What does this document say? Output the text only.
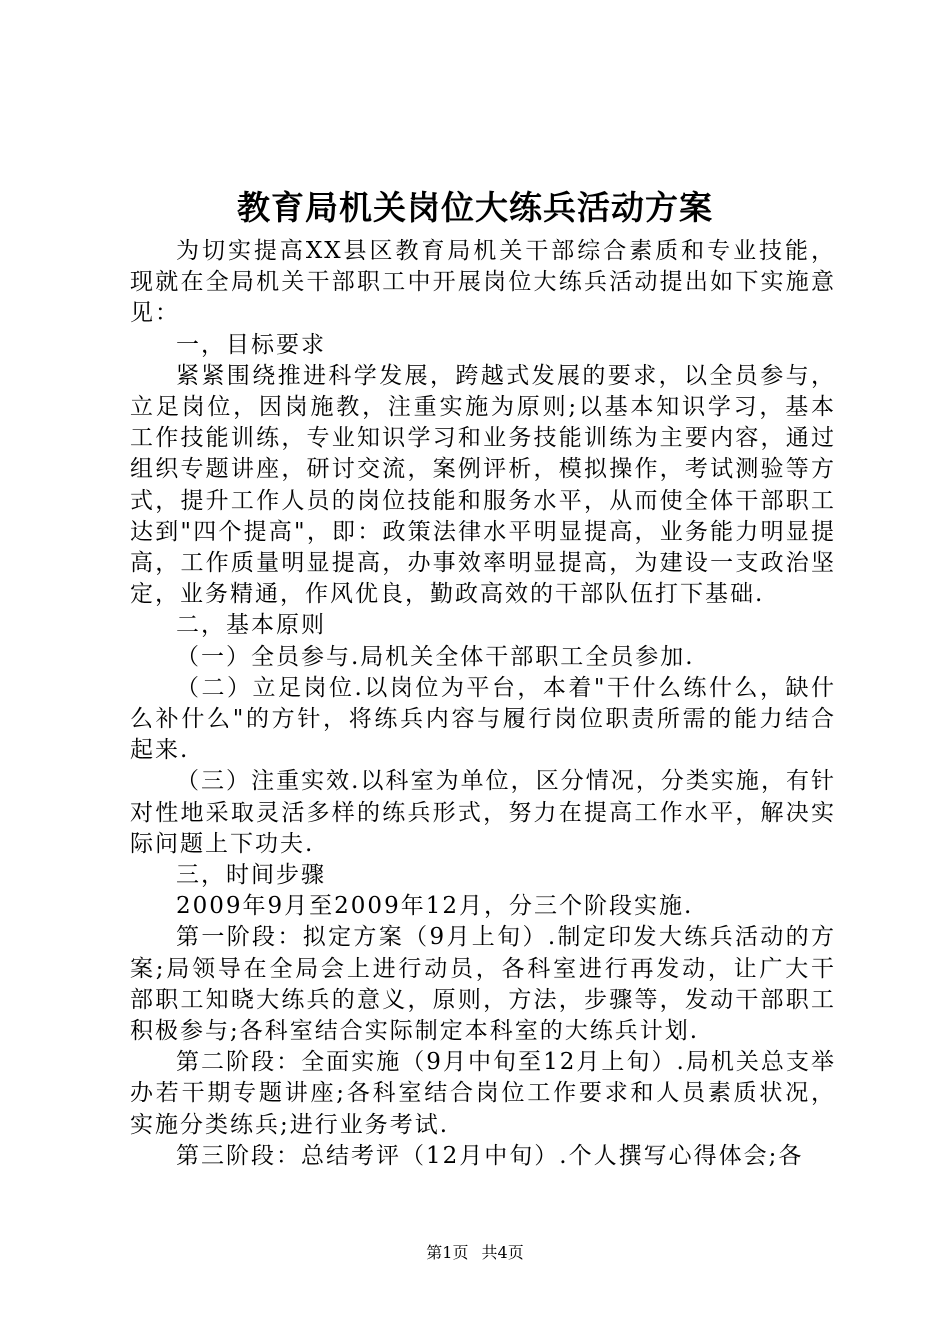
教育局机关岗位大练兵活动方案

为切实提高XX县区教育局机关干部综合素质和专业技能，现就在全局机关干部职工中开展岗位大练兵活动提出如下实施意见：

一，目标要求

紧紧围绕推进科学发展，跨越式发展的要求，以全员参与，立足岗位，因岗施教，注重实施为原则;以基本知识学习，基本工作技能训练，专业知识学习和业务技能训练为主要内容，通过组织专题讲座，研讨交流，案例评析，模拟操作，考试测验等方式，提升工作人员的岗位技能和服务水平，从而使全体干部职工达到"四个提高"，即：政策法律水平明显提高，业务能力明显提高，工作质量明显提高，办事效率明显提高，为建设一支政治坚定，业务精通，作风优良，勤政高效的干部队伍打下基础.

二，基本原则

（一）全员参与.局机关全体干部职工全员参加.

（二）立足岗位.以岗位为平台，本着"干什么练什么，缺什么补什么"的方针，将练兵内容与履行岗位职责所需的能力结合起来.

（三）注重实效.以科室为单位，区分情况，分类实施，有针对性地采取灵活多样的练兵形式，努力在提高工作水平，解决实际问题上下功夫.

三，时间步骤

2009年9月至2009年12月，分三个阶段实施.

第一阶段：拟定方案（9月上旬）.制定印发大练兵活动的方案;局领导在全局会上进行动员，各科室进行再发动，让广大干部职工知晓大练兵的意义，原则，方法，步骤等，发动干部职工积极参与;各科室结合实际制定本科室的大练兵计划.

第二阶段：全面实施（9月中旬至12月上旬）.局机关总支举办若干期专题讲座;各科室结合岗位工作要求和人员素质状况，实施分类练兵;进行业务考试.

第三阶段：总结考评（12月中旬）.个人撰写心得体会;各

第1页 共4页
